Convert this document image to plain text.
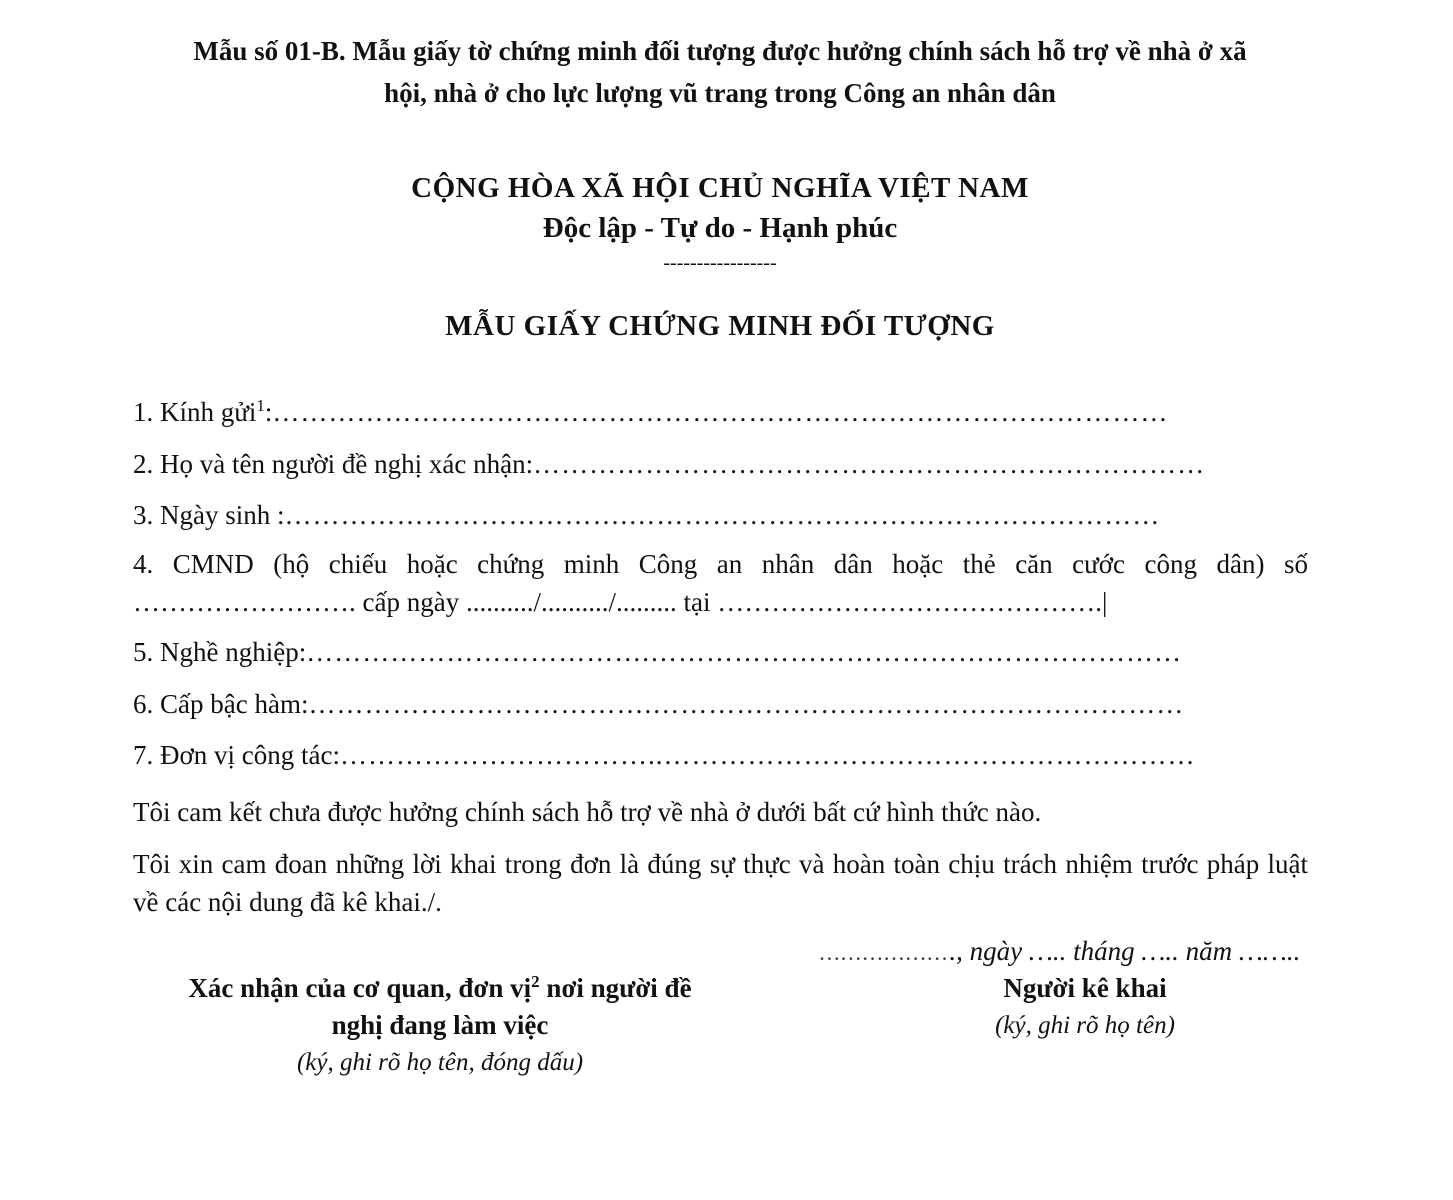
Mẫu số 01-B. Mẫu giấy tờ chứng minh đối tượng được hưởng chính sách hỗ trợ về nhà ở xã
hội, nhà ở cho lực lượng vũ trang trong Công an nhân dân
CỘNG HÒA XÃ HỘI CHỦ NGHĨA VIỆT NAM
Độc lập - Tự do - Hạnh phúc
-----------------
MẪU GIẤY CHỨNG MINH ĐỐI TƯỢNG
1. Kính gửi$^1$: ……………………………………………………………………………………
2. Họ và tên người đề nghị xác nhận: ………………………………………………………………
3. Ngày sinh : ……………………………….…………………………………………………
4. CMND (hộ chiếu hoặc chứng minh Công an nhân dân hoặc thẻ căn cước công dân) số
……………………. cấp ngày ........../........../......... tại …………………………………….|
5. Nghề nghiệp: ……………………………….…………………………………………………
6. Cấp bậc hàm: ……………………………….…………………………………………………
7. Đơn vị công tác: ……………………………..…………………………………………………
Tôi cam kết chưa được hưởng chính sách hỗ trợ về nhà ở dưới bất cứ hình thức nào.
Tôi xin cam đoan những lời khai trong đơn là đúng sự thực và hoàn toàn chịu trách nhiệm trước pháp luật về các nội dung đã kê khai./.
………………., ngày ….. tháng ….. năm ……..
Xác nhận của cơ quan, đơn vị$^2$ nơi người đề
nghị đang làm việc
(ký, ghi rõ họ tên, đóng dấu)
Người kê khai
(ký, ghi rõ họ tên)
